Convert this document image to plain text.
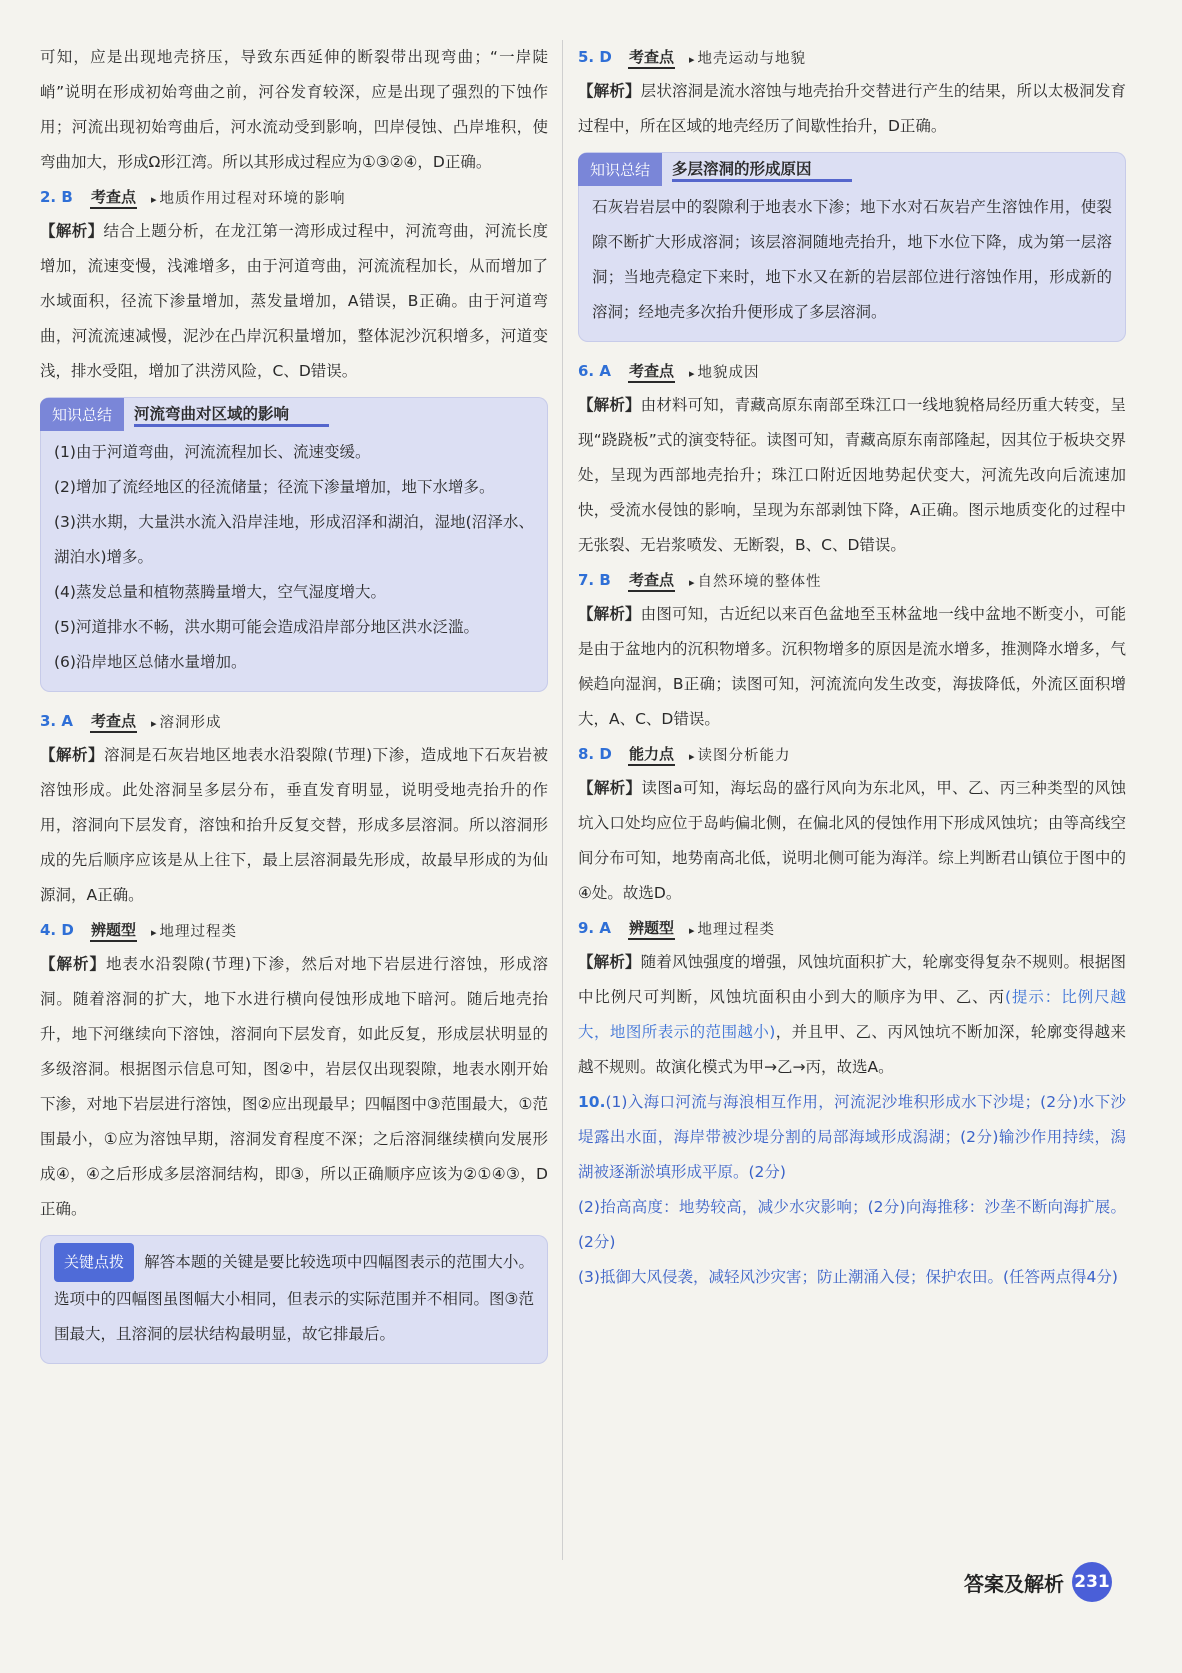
可知，应是出现地壳挤压，导致东西延伸的断裂带出现弯曲；“一岸陡峭”说明在形成初始弯曲之前，河谷发育较深，应是出现了强烈的下蚀作用；河流出现初始弯曲后，河水流动受到影响，凹岸侵蚀、凸岸堆积，使弯曲加大，形成Ω形江湾。所以其形成过程应为①③②④，D正确。

2. B 考查点	▸ 地质作用过程对环境的影响

【解析】结合上题分析，在龙江第一湾形成过程中，河流弯曲，河流长度增加，流速变慢，浅滩增多，由于河道弯曲，河流流程加长，从而增加了水域面积，径流下渗量增加，蒸发量增加，A错误，B正确。由于河道弯曲，河流流速减慢，泥沙在凸岸沉积量增加，整体泥沙沉积增多，河道变浅，排水受阻，增加了洪涝风险，C、D错误。

知识总结	河流弯曲对区域的影响

(1)由于河道弯曲，河流流程加长、流速变缓。

(2)增加了流经地区的径流储量；径流下渗量增加，地下水增多。

(3)洪水期，大量洪水流入沿岸洼地，形成沼泽和湖泊，湿地(沼泽水、湖泊水)增多。

(4)蒸发总量和植物蒸腾量增大，空气湿度增大。

(5)河道排水不畅，洪水期可能会造成沿岸部分地区洪水泛滥。

(6)沿岸地区总储水量增加。

3. A 考查点	▸ 溶洞形成

【解析】溶洞是石灰岩地区地表水沿裂隙(节理)下渗，造成地下石灰岩被溶蚀形成。此处溶洞呈多层分布，垂直发育明显，说明受地壳抬升的作用，溶洞向下层发育，溶蚀和抬升反复交替，形成多层溶洞。所以溶洞形成的先后顺序应该是从上往下，最上层溶洞最先形成，故最早形成的为仙源洞，A正确。

4. D 辨题型	▸ 地理过程类

【解析】地表水沿裂隙(节理)下渗，然后对地下岩层进行溶蚀，形成溶洞。随着溶洞的扩大，地下水进行横向侵蚀形成地下暗河。随后地壳抬升，地下河继续向下溶蚀，溶洞向下层发育，如此反复，形成层状明显的多级溶洞。根据图示信息可知，图②中，岩层仅出现裂隙，地表水刚开始下渗，对地下岩层进行溶蚀，图②应出现最早；四幅图中③范围最大，①范围最小，①应为溶蚀早期，溶洞发育程度不深；之后溶洞继续横向发展形成④，④之后形成多层溶洞结构，即③，所以正确顺序应该为②①④③，D正确。

关键点拨 解答本题的关键是要比较选项中四幅图表示的范围大小。选项中的四幅图虽图幅大小相同，但表示的实际范围并不相同。图③范围最大，且溶洞的层状结构最明显，故它排最后。

5. D 考查点	▸ 地壳运动与地貌

【解析】层状溶洞是流水溶蚀与地壳抬升交替进行产生的结果，所以太极洞发育过程中，所在区域的地壳经历了间歇性抬升，D正确。

知识总结	多层溶洞的形成原因

石灰岩岩层中的裂隙利于地表水下渗；地下水对石灰岩产生溶蚀作用，使裂隙不断扩大形成溶洞；该层溶洞随地壳抬升，地下水位下降，成为第一层溶洞；当地壳稳定下来时，地下水又在新的岩层部位进行溶蚀作用，形成新的溶洞；经地壳多次抬升便形成了多层溶洞。

6. A 考查点	▸ 地貌成因

【解析】由材料可知，青藏高原东南部至珠江口一线地貌格局经历重大转变，呈现“跷跷板”式的演变特征。读图可知，青藏高原东南部隆起，因其位于板块交界处，呈现为西部地壳抬升；珠江口附近因地势起伏变大，河流先改向后流速加快，受流水侵蚀的影响，呈现为东部剥蚀下降，A正确。图示地质变化的过程中无张裂、无岩浆喷发、无断裂，B、C、D错误。

7. B 考查点	▸ 自然环境的整体性

【解析】由图可知，古近纪以来百色盆地至玉林盆地一线中盆地不断变小，可能是由于盆地内的沉积物增多。沉积物增多的原因是流水增多，推测降水增多，气候趋向湿润，B正确；读图可知，河流流向发生改变，海拔降低，外流区面积增大，A、C、D错误。

8. D 能力点	▸ 读图分析能力

【解析】读图a可知，海坛岛的盛行风向为东北风，甲、乙、丙三种类型的风蚀坑入口处均应位于岛屿偏北侧，在偏北风的侵蚀作用下形成风蚀坑；由等高线空间分布可知，地势南高北低，说明北侧可能为海洋。综上判断君山镇位于图中的④处。故选D。

9. A 辨题型	▸ 地理过程类

【解析】随着风蚀强度的增强，风蚀坑面积扩大，轮廓变得复杂不规则。根据图中比例尺可判断，风蚀坑面积由小到大的顺序为甲、乙、丙(提示：比例尺越大，地图所表示的范围越小)，并且甲、乙、丙风蚀坑不断加深，轮廓变得越来越不规则。故演化模式为甲→乙→丙，故选A。

10.(1)入海口河流与海浪相互作用，河流泥沙堆积形成水下沙堤；(2分)水下沙堤露出水面，海岸带被沙堤分割的局部海域形成潟湖；(2分)输沙作用持续，潟湖被逐渐淤填形成平原。(2分)

(2)抬高高度：地势较高，减少水灾影响；(2分)向海推移：沙垄不断向海扩展。(2分)

(3)抵御大风侵袭，减轻风沙灾害；防止潮涌入侵；保护农田。(任答两点得4分)

答案及解析 231
